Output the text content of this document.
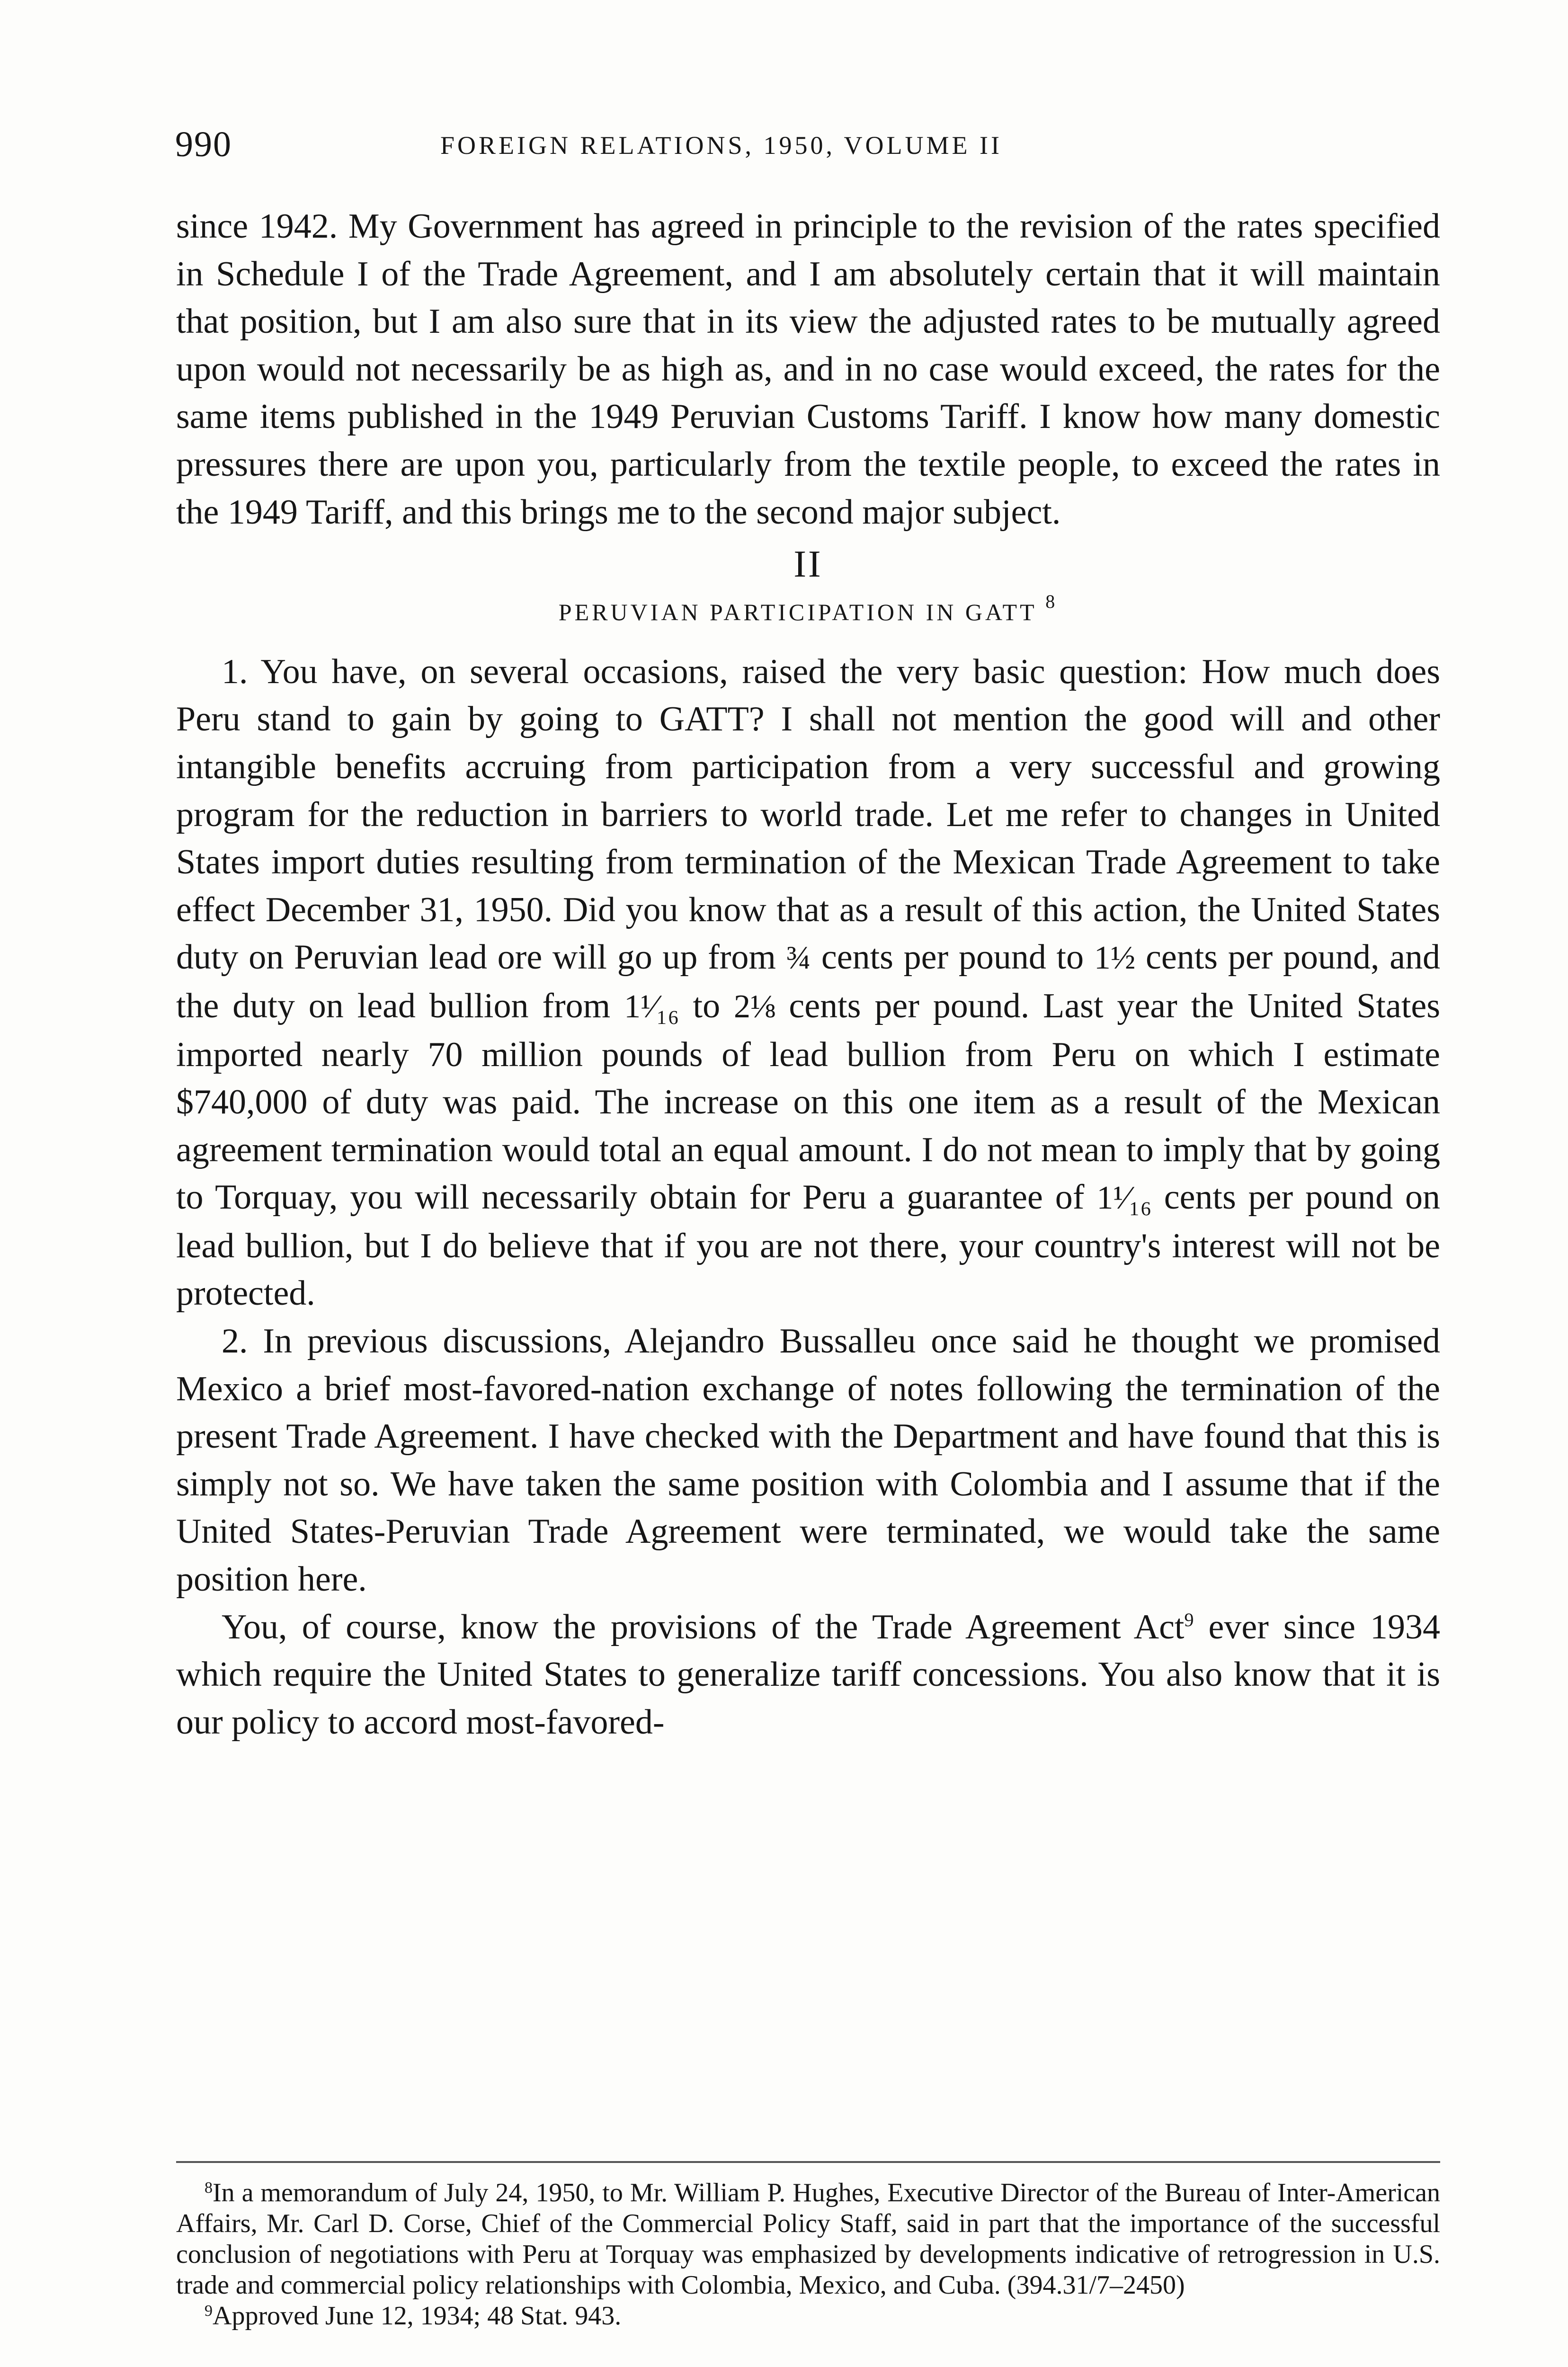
990	FOREIGN RELATIONS, 1950, VOLUME II

since 1942. My Government has agreed in principle to the revision of the rates specified in Schedule I of the Trade Agreement, and I am absolutely certain that it will maintain that position, but I am also sure that in its view the adjusted rates to be mutually agreed upon would not necessarily be as high as, and in no case would exceed, the rates for the same items published in the 1949 Peruvian Customs Tariff. I know how many domestic pressures there are upon you, particularly from the textile people, to exceed the rates in the 1949 Tariff, and this brings me to the second major subject.

II
PERUVIAN PARTICIPATION IN GATT $^8$

1. You have, on several occasions, raised the very basic question: How much does Peru stand to gain by going to GATT? I shall not mention the good will and other intangible benefits accruing from participation from a very successful and growing program for the reduction in barriers to world trade. Let me refer to changes in United States import duties resulting from termination of the Mexican Trade Agreement to take effect December 31, 1950. Did you know that as a result of this action, the United States duty on Peruvian lead ore will go up from ¾ cents per pound to 1½ cents per pound, and the duty on lead bullion from 1¹⁄₁₆ to 2⅛ cents per pound. Last year the United States imported nearly 70 million pounds of lead bullion from Peru on which I estimate $740,000 of duty was paid. The increase on this one item as a result of the Mexican agreement termination would total an equal amount. I do not mean to imply that by going to Torquay, you will necessarily obtain for Peru a guarantee of 1¹⁄₁₆ cents per pound on lead bullion, but I do believe that if you are not there, your country's interest will not be protected.

2. In previous discussions, Alejandro Bussalleu once said he thought we promised Mexico a brief most-favored-nation exchange of notes following the termination of the present Trade Agreement. I have checked with the Department and have found that this is simply not so. We have taken the same position with Colombia and I assume that if the United States-Peruvian Trade Agreement were terminated, we would take the same position here.

You, of course, know the provisions of the Trade Agreement Act$^9$ ever since 1934 which require the United States to generalize tariff concessions. You also know that it is our policy to accord most-favored-

$^8$In a memorandum of July 24, 1950, to Mr. William P. Hughes, Executive Director of the Bureau of Inter-American Affairs, Mr. Carl D. Corse, Chief of the Commercial Policy Staff, said in part that the importance of the successful conclusion of negotiations with Peru at Torquay was emphasized by developments indicative of retrogression in U.S. trade and commercial policy relationships with Colombia, Mexico, and Cuba. (394.31/7–2450)

$^9$Approved June 12, 1934; 48 Stat. 943.
